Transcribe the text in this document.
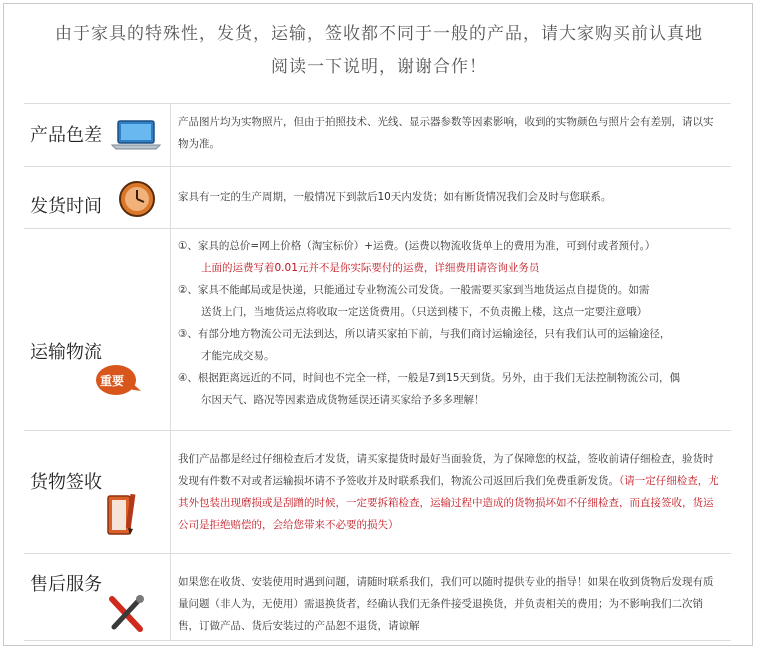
由于家具的特殊性，发货，运输，签收都不同于一般的产品，请大家购买前认真地
阅读一下说明，谢谢合作！
产品色差
产品图片均为实物照片，但由于拍照技术、光线、显示器参数等因素影响，收到的实物颜色与照片会有差别，请以实物为准。
发货时间	家具有一定的生产周期，一般情况下到款后10天内发货；如有断货情况我们会及时与您联系。
运输物流
重要

①、家具的总价=网上价格（淘宝标价）+运费。(运费以物流收货单上的费用为准，可到付或者预付。）

上面的运费写着0.01元并不是你实际要付的运费，详细费用请咨询业务员

②、家具不能邮局或是快递，只能通过专业物流公司发货。一般需要买家到当地货运点自提货的。如需

送货上门，当地货运点将收取一定送货费用。（只送到楼下，不负责搬上楼，这点一定要注意哦）

③、有部分地方物流公司无法到达，所以请买家拍下前，与我们商讨运输途径，只有我们认可的运输途径，

才能完成交易。

④、根据距离远近的不同，时间也不完全一样，一般是7到15天到货。另外，由于我们无法控制物流公司，偶

尔因天气、路况等因素造成货物延误还请买家给予多多理解！

货物签收
我们产品都是经过仔细检查后才发货，请买家提货时最好当面验货，为了保障您的权益，签收前请仔细检查，验货时发现有件数不对或者运输损坏请不予签收并及时联系我们，物流公司返回后我们免费重新发货。（请一定仔细检查，尤其外包装出现磨损或是刮蹭的时候，一定要拆箱检查，运输过程中造成的货物损坏如不仔细检查，而直接签收，货运公司是拒绝赔偿的，会给您带来不必要的损失）
售后服务	如果您在收货、安装使用时遇到问题，请随时联系我们，我们可以随时提供专业的指导！如果在收到货物后发现有质量问题（非人为，无使用）需退换货者，经确认我们无条件接受退换货，并负责相关的费用；为不影响我们二次销售，订做产品、货后安装过的产品恕不退货，请谅解
